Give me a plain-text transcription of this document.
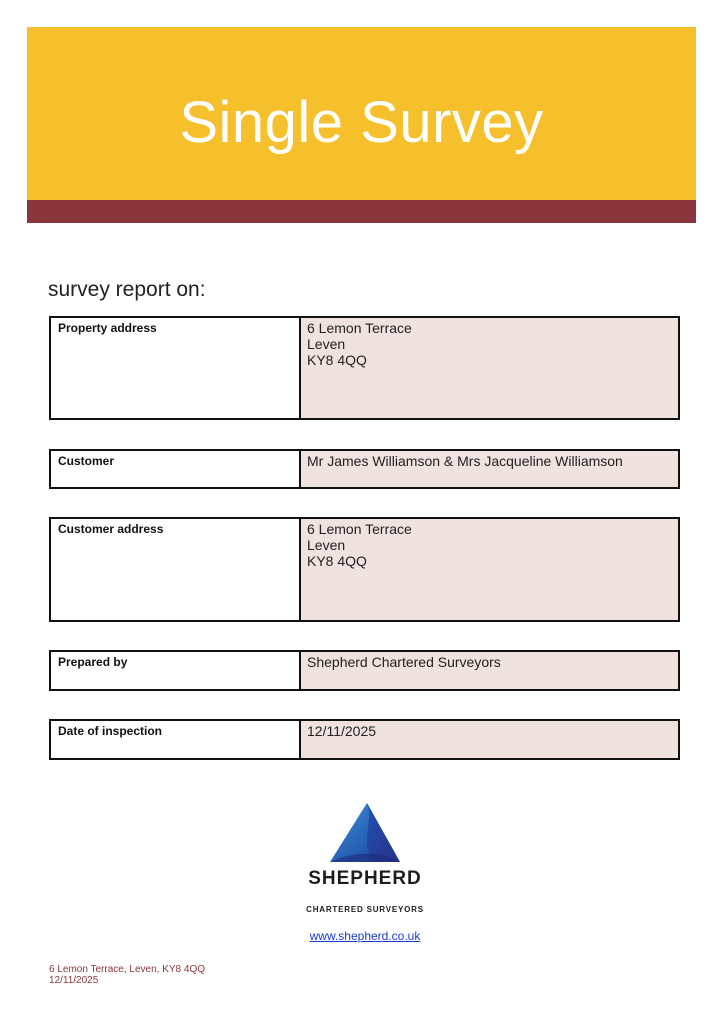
Single Survey
survey report on:
Property address	6 Lemon Terrace
Leven
KY8 4QQ
Customer	Mr James Williamson & Mrs Jacqueline Williamson
Customer address	6 Lemon Terrace
Leven
KY8 4QQ
Prepared by	Shepherd Chartered Surveyors
Date of inspection	12/11/2025
SHEPHERD
CHARTERED SURVEYORS
www.shepherd.co.uk
6 Lemon Terrace, Leven, KY8 4QQ
12/11/2025
